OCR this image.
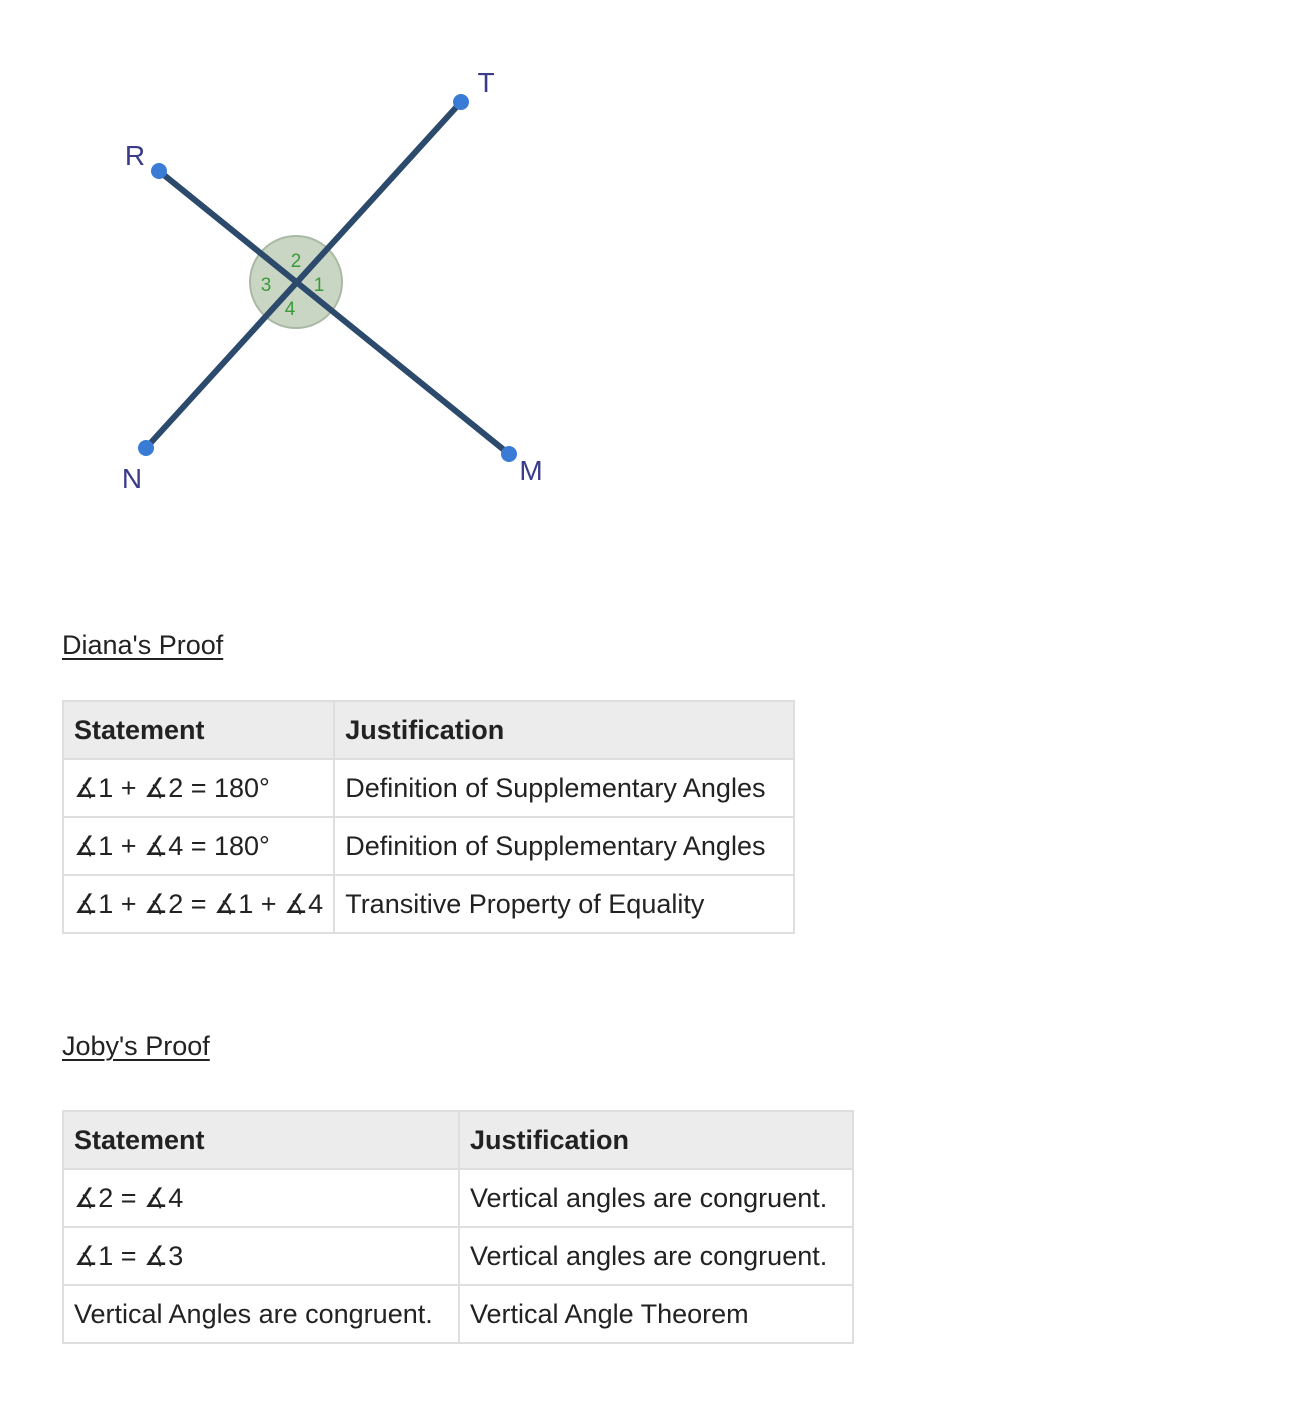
T
R
N	M
2
3 1
4
Diana's Proof
Statement	Justification
∡1 + ∡2 = 180°	Definition of Supplementary Angles
∡1 + ∡4 = 180°	Definition of Supplementary Angles
∡1 + ∡2 = ∡1 + ∡4	Transitive Property of Equality
Joby's Proof
Statement	Justification
∡2 = ∡4	Vertical angles are congruent.
∡1 = ∡3	Vertical angles are congruent.
Vertical Angles are congruent.	Vertical Angle Theorem
